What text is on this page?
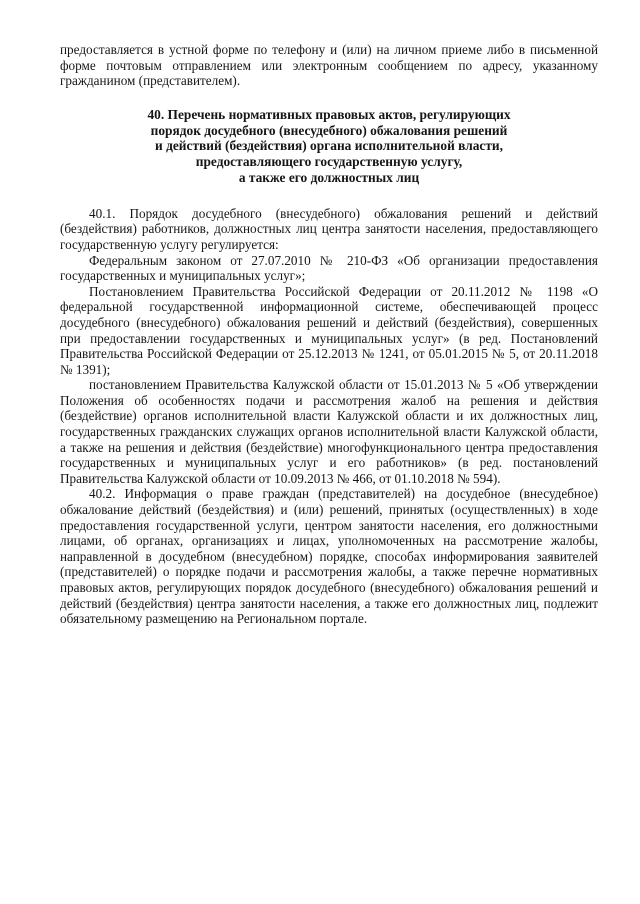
предоставляется в устной форме по телефону и (или) на личном приеме либо в письменной форме почтовым отправлением или электронным сообщением по адресу, указанному гражданином (представителем).

40. Перечень нормативных правовых актов, регулирующих
порядок досудебного (внесудебного) обжалования решений
и действий (бездействия) органа исполнительной власти,
предоставляющего государственную услугу,
а также его должностных лиц

40.1. Порядок досудебного (внесудебного) обжалования решений и действий (бездействия) работников, должностных лиц центра занятости населения, предоставляющего государственную услугу регулируется:

Федеральным законом от 27.07.2010 № 210-ФЗ «Об организации предоставления государственных и муниципальных услуг»;

Постановлением Правительства Российской Федерации от 20.11.2012 № 1198 «О федеральной государственной информационной системе, обеспечивающей процесс досудебного (внесудебного) обжалования решений и действий (бездействия), совершенных при предоставлении государственных и муниципальных услуг» (в ред. Постановлений Правительства Российской Федерации от 25.12.2013 № 1241, от 05.01.2015 № 5, от 20.11.2018 № 1391);

постановлением Правительства Калужской области от 15.01.2013 № 5 «Об утверждении Положения об особенностях подачи и рассмотрения жалоб на решения и действия (бездействие) органов исполнительной власти Калужской области и их должностных лиц, государственных гражданских служащих органов исполнительной власти Калужской области, а также на решения и действия (бездействие) многофункционального центра предоставления государственных и муниципальных услуг и его работников» (в ред. постановлений Правительства Калужской области от 10.09.2013 № 466, от 01.10.2018 № 594).

40.2. Информация о праве граждан (представителей) на досудебное (внесудебное) обжалование действий (бездействия) и (или) решений, принятых (осуществленных) в ходе предоставления государственной услуги, центром занятости населения, его должностными лицами, об органах, организациях и лицах, уполномоченных на рассмотрение жалобы, направленной в досудебном (внесудебном) порядке, способах информирования заявителей (представителей) о порядке подачи и рассмотрения жалобы, а также перечне нормативных правовых актов, регулирующих порядок досудебного (внесудебного) обжалования решений и действий (бездействия) центра занятости населения, а также его должностных лиц, подлежит обязательному размещению на Региональном портале.
